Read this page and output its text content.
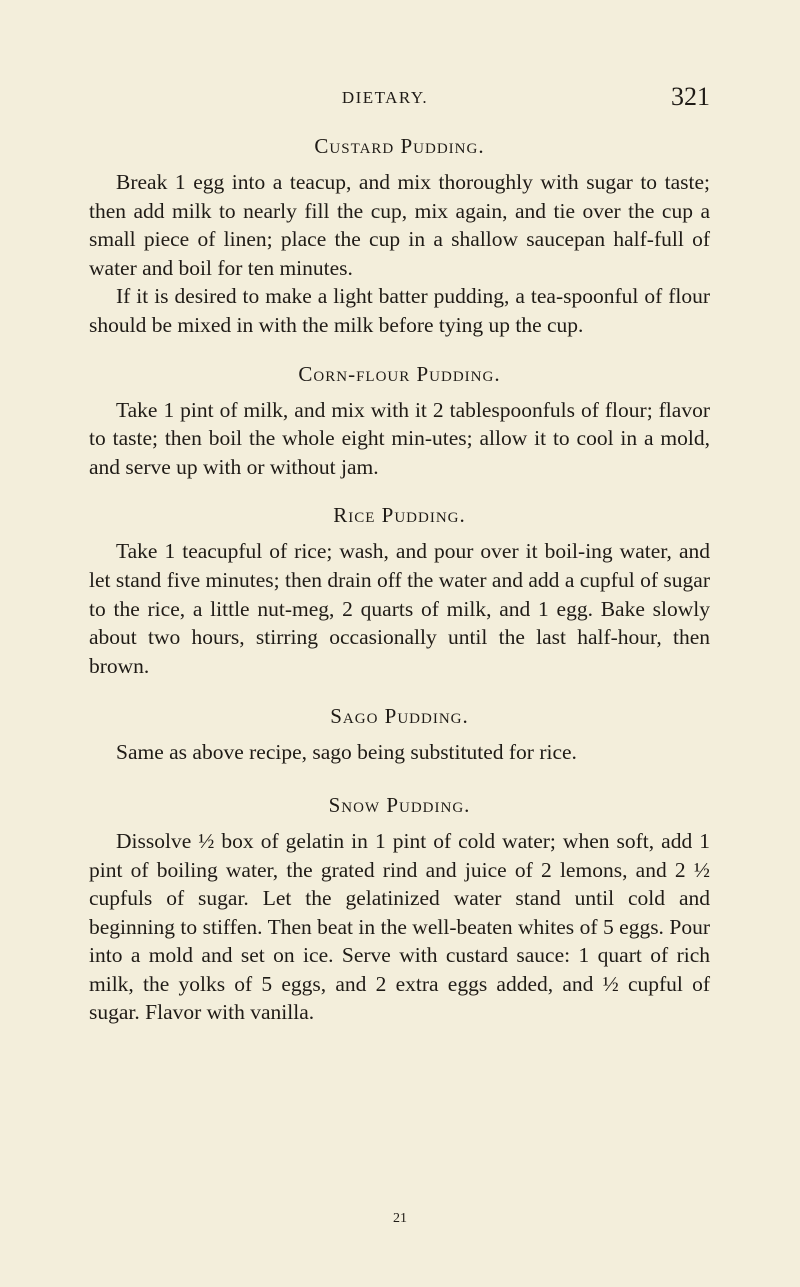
DIETARY.	321
Custard Pudding.

Break 1 egg into a teacup, and mix thoroughly with sugar to taste; then add milk to nearly fill the cup, mix again, and tie over the cup a small piece of linen; place the cup in a shallow saucepan half-full of water and boil for ten minutes.

If it is desired to make a light batter pudding, a tea-spoonful of flour should be mixed in with the milk before tying up the cup.

Corn-flour Pudding.

Take 1 pint of milk, and mix with it 2 tablespoonfuls of flour; flavor to taste; then boil the whole eight min-utes; allow it to cool in a mold, and serve up with or without jam.

Rice Pudding.

Take 1 teacupful of rice; wash, and pour over it boil-ing water, and let stand five minutes; then drain off the water and add a cupful of sugar to the rice, a little nut-meg, 2 quarts of milk, and 1 egg. Bake slowly about two hours, stirring occasionally until the last half-hour, then brown.

Sago Pudding.

Same as above recipe, sago being substituted for rice.

Snow Pudding.

Dissolve ½ box of gelatin in 1 pint of cold water; when soft, add 1 pint of boiling water, the grated rind and juice of 2 lemons, and 2 ½ cupfuls of sugar. Let the gelatinized water stand until cold and beginning to stiffen. Then beat in the well-beaten whites of 5 eggs. Pour into a mold and set on ice. Serve with custard sauce: 1 quart of rich milk, the yolks of 5 eggs, and 2 extra eggs added, and ½ cupful of sugar. Flavor with vanilla.

21
